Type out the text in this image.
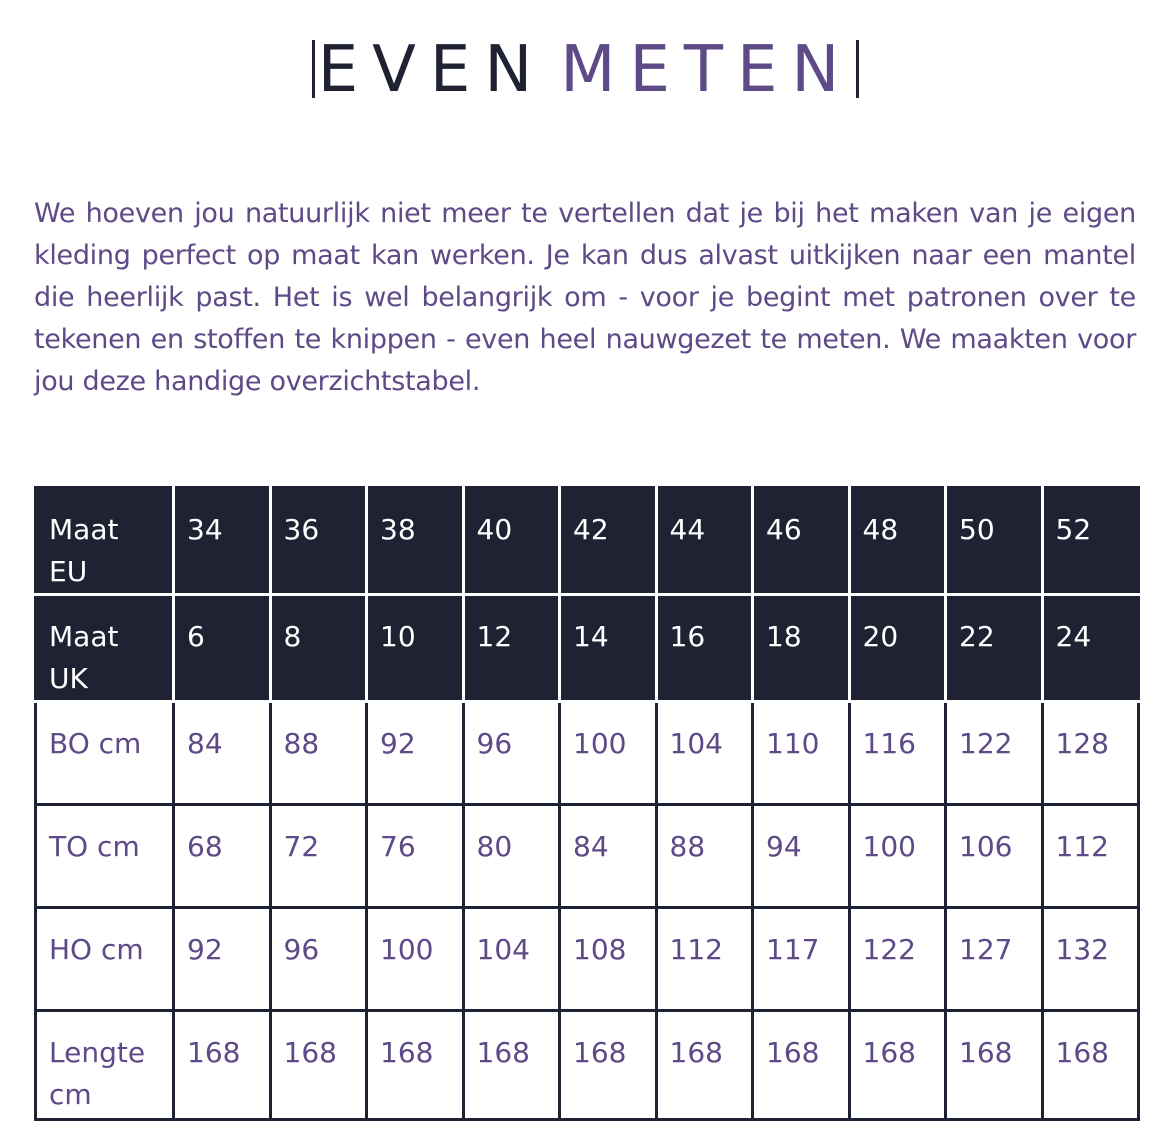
EVEN METEN

We hoeven jou natuurlijk niet meer te vertellen dat je bij het maken van je eigen kleding perfect op maat kan werken. Je kan dus alvast uitkijken naar een mantel die heerlijk past. Het is wel belangrijk om - voor je begint met patronen over te tekenen en stoffen te knippen - even heel nauwgezet te meten. We maakten voor jou deze handige overzichtstabel.

Maat EU	34	36	38	40	42	44	46	48	50	52
Maat UK	6	8	10	12	14	16	18	20	22	24
BO cm	84	88	92	96	100	104	110	116	122	128
TO cm	68	72	76	80	84	88	94	100	106	112
HO cm	92	96	100	104	108	112	117	122	127	132
Lengte cm	168	168	168	168	168	168	168	168	168	168
